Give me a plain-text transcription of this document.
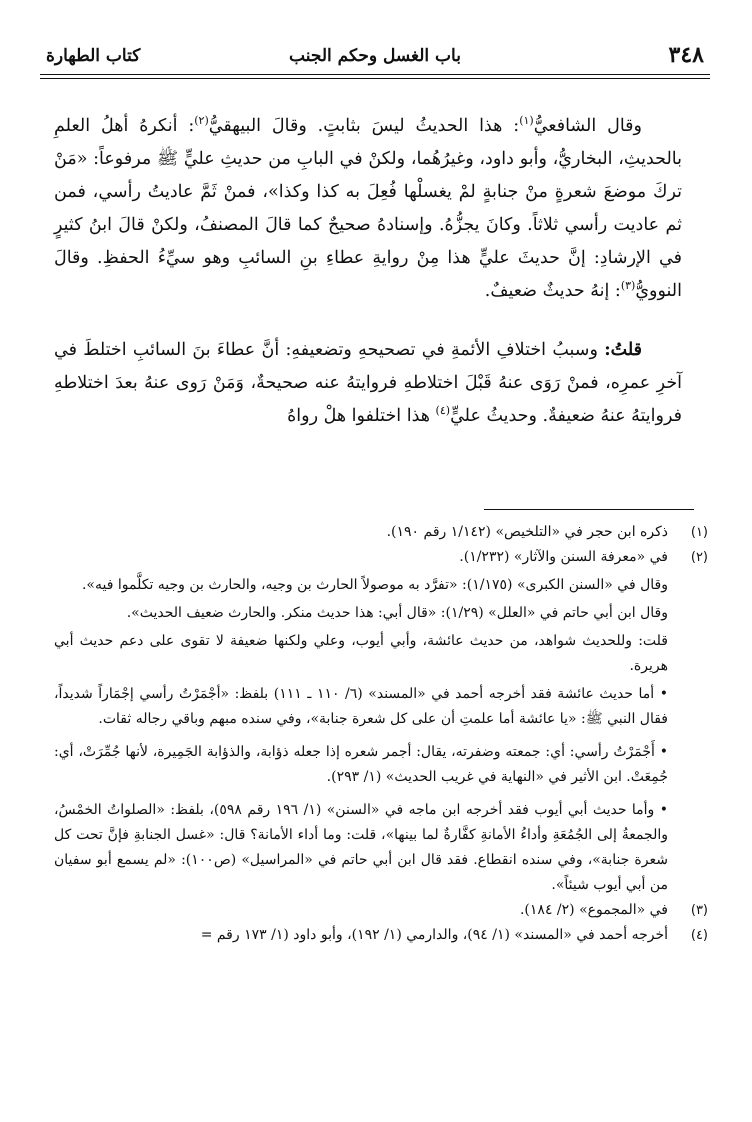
٣٤٨
باب الغسل وحكم الجنب
كتاب الطهارة

وقال الشافعيُّ$^{(١)}$: هذا الحديثُ ليسَ بثابتٍ. وقالَ البيهقيُّ$^{(٢)}$: أنكرهُ أهلُ العلمِ بالحديثِ، البخاريُّ، وأبو داود، وغيرُهُما، ولكنْ في البابِ من حديثِ عليٍّ ﷺ مرفوعاً: «مَنْ تركَ موضعَ شعرةٍ منْ جنابةٍ لمْ يغسلْها فُعِلَ به كذا وكذا»، فمنْ ثَمَّ عاديتُ رأسي، فمن ثم عاديت رأسي ثلاثاً. وكانَ يجزُّهُ. وإسنادهُ صحيحٌ كما قالَ المصنفُ، ولكنْ قالَ ابنُ كثيرٍ في الإرشادِ: إنَّ حديثَ عليٍّ هذا مِنْ روايةِ عطاءِ بنِ السائبِ وهو سيِّءُ الحفظِ. وقالَ النوويُّ$^{(٣)}$: إنهُ حديثٌ ضعيفٌ.

قلتُ: وسببُ اختلافِ الأئمةِ في تصحيحهِ وتضعيفهِ: أنَّ عطاءَ بنَ السائبِ اختلطَ في آخرِ عمرِه، فمنْ رَوَى عنهُ قَبْلَ اختلاطهِ فروايتهُ عنه صحيحةٌ، وَمَنْ رَوى عنهُ بعدَ اختلاطهِ فروايتهُ عنهُ ضعيفةٌ. وحديثُ عليٍّ$^{(٤)}$ هذا اختلفوا هلْ رواهُ

(١)

ذكره ابن حجر في «التلخيص» (١/١٤٢ رقم ١٩٠).

(٢)

في «معرفة السنن والآثار» (١/٢٣٢).

وقال في «السنن الكبرى» (١/١٧٥): «تفرَّد به موصولاً الحارث بن وجيه، والحارث بن وجيه تكلَّموا فيه».

وقال ابن أبي حاتم في «العلل» (١/٢٩): «قال أبي: هذا حديث منكر. والحارث ضعيف الحديث».

قلت: وللحديث شواهد، من حديث عائشة، وأبي أيوب، وعلي ولكنها ضعيفة لا تقوى على دعم حديث أبي هريرة.

• أما حديث عائشة فقد أخرجه أحمد في «المسند» (٦/ ١١٠ ـ ١١١) بلفظ: «أجْمَرْتُ رأسي إجْمَاراً شديداً، فقال النبي ﷺ: «يا عائشة أما علمتِ أن على كل شعرة جنابة»، وفي سنده مبهم وباقي رجاله ثقات.

• أَجْمَرْتُ رأسي: أي: جمعته وضفرته، يقال: أجمر شعره إذا جعله ذؤابة، والذؤابة الجَمِيرة، لأنها جُمِّرَتْ، أي: جُمِعَتْ. ابن الأثير في «النهاية في غريب الحديث» (١/ ٢٩٣).

• وأما حديث أبي أيوب فقد أخرجه ابن ماجه في «السنن» (١/ ١٩٦ رقم ٥٩٨)، بلفظ: «الصلواتُ الخمْسُ، والجمعةُ إلى الجُمُعَةِ وأداءُ الأمانةِ كفَّارةٌ لما بينها»، قلت: وما أداء الأمانة؟ قال: «غسل الجنابةِ فإنَّ تحت كل شعرة جنابة»، وفي سنده انقطاع. فقد قال ابن أبي حاتم في «المراسيل» (ص١٠٠): «لم يسمع أبو سفيان من أبي أيوب شيئاً».

(٣)

في «المجموع» (٢/ ١٨٤).

(٤)

أخرجه أحمد في «المسند» (١/ ٩٤)، والدارمي (١/ ١٩٢)، وأبو داود (١/ ١٧٣ رقم =
